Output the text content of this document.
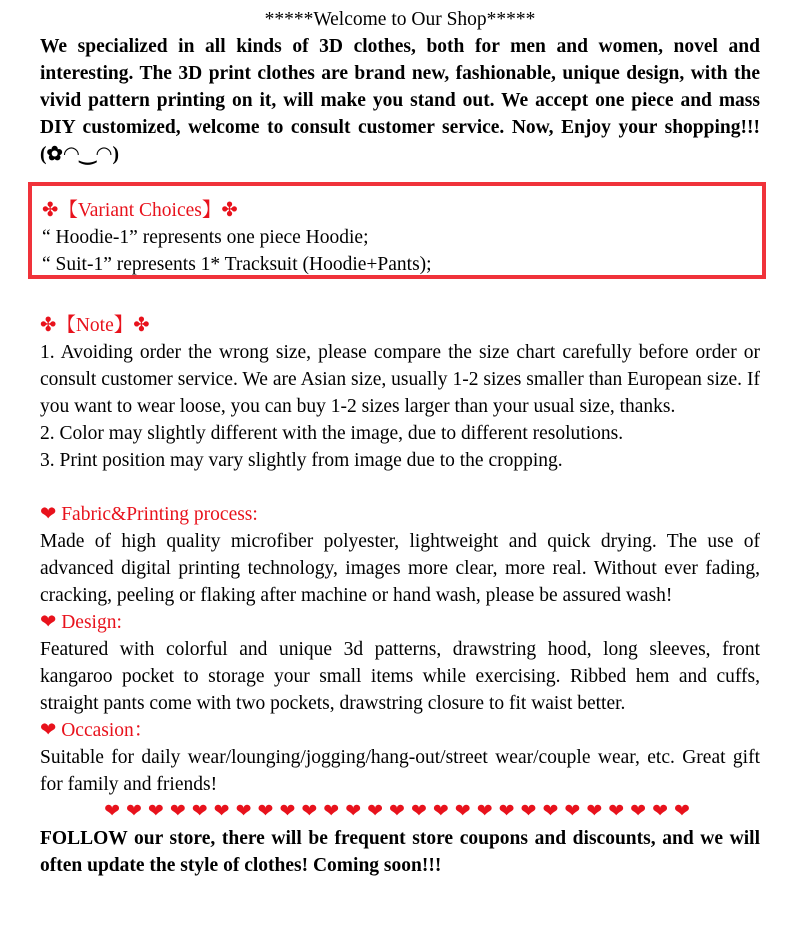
*****Welcome to Our Shop*****
We specialized in all kinds of 3D clothes, both for men and women, novel and interesting. The 3D print clothes are brand new, fashionable, unique design, with the vivid pattern printing on it, will make you stand out. We accept one piece and mass DIY customized, welcome to consult customer service. Now, Enjoy your shopping!!!(✿◠‿◠)
✤【Note】✤
1. Avoiding order the wrong size, please compare the size chart carefully before order or consult customer service. We are Asian size, usually 1-2 sizes smaller than European size. If you want to wear loose, you can buy 1-2 sizes larger than your usual size, thanks.
2. Color may slightly different with the image, due to different resolutions.
3. Print position may vary slightly from image due to the cropping.
❤ Fabric&Printing process:
Made of high quality microfiber polyester, lightweight and quick drying. The use of advanced digital printing technology, images more clear, more real. Without ever fading, cracking, peeling or flaking after machine or hand wash, please be assured wash!
❤ Design:
Featured with colorful and unique 3d patterns, drawstring hood, long sleeves, front kangaroo pocket to storage your small items while exercising. Ribbed hem and cuffs, straight pants come with two pockets, drawstring closure to fit waist better.
❤ Occasion：
Suitable for daily wear/lounging/jogging/hang-out/street wear/couple wear, etc. Great gift for family and friends!
❤❤❤❤❤❤❤❤❤❤❤❤❤❤❤❤❤❤❤❤❤❤❤❤❤❤❤
FOLLOW our store, there will be frequent store coupons and discounts, and we will often update the style of clothes! Coming soon!!!
✤【Variant Choices】✤
“ Hoodie-1” represents one piece Hoodie;
“ Suit-1” represents 1* Tracksuit (Hoodie+Pants);
